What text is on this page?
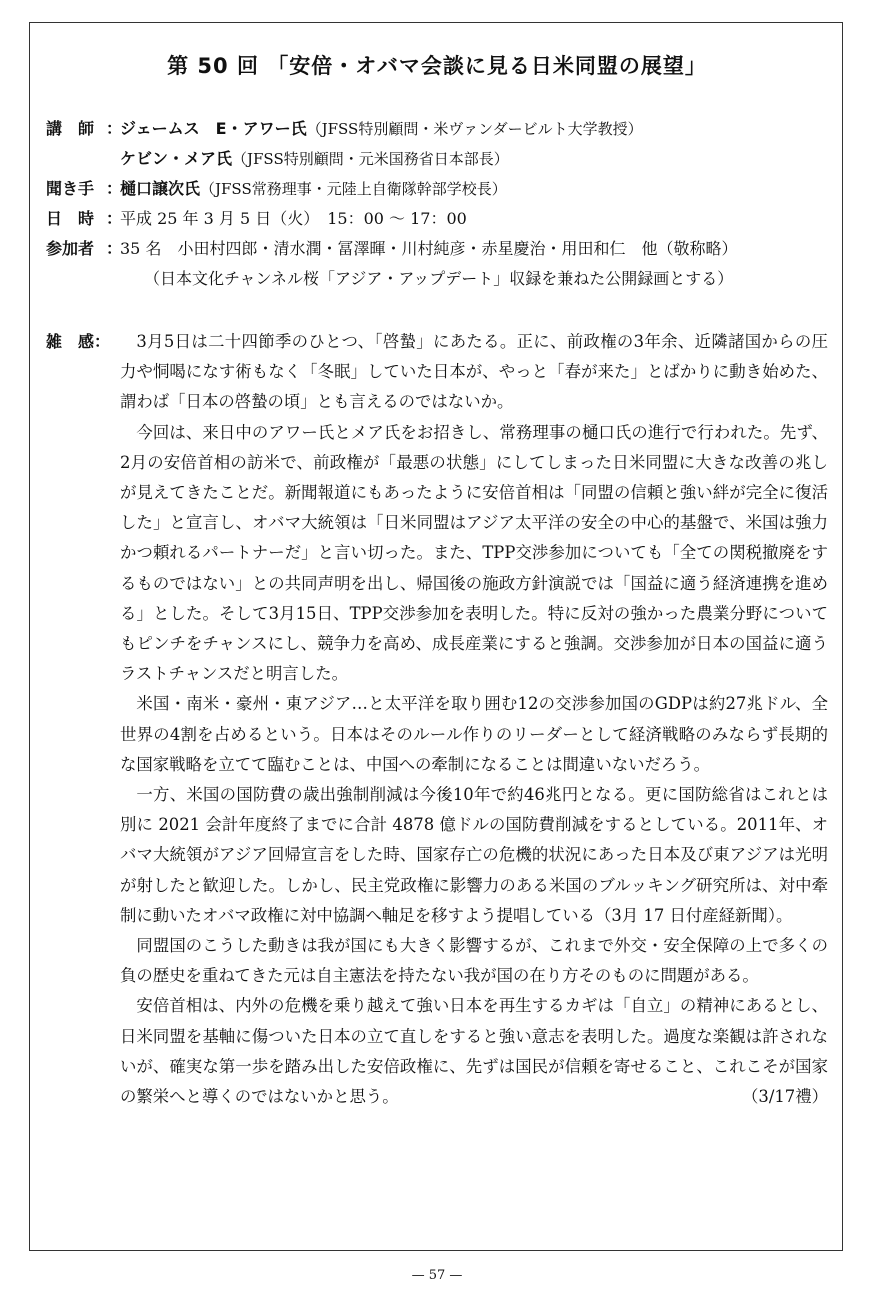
第 50 回 「安倍・オバマ会談に見る日米同盟の展望」
講　師 ：
ジェームス　E・アワー氏（JFSS特別顧問・米ヴァンダービルト大学教授）
ケビン・メア氏（JFSS特別顧問・元米国務省日本部長）
聞き手 ：
樋口譲次氏（JFSS常務理事・元陸上自衛隊幹部学校長）
日　時 ：
平成 25 年 3 月 5 日（火）　15：00 〜 17：00
参加者 ：
35 名　小田村四郎・清水潤・冨澤暉・川村純彦・赤星慶治・用田和仁　他（敬称略）
（日本文化チャンネル桜「アジア・アップデート」収録を兼ねた公開録画とする）
雑　感：	3月5日は二十四節季のひとつ、「啓蟄」にあたる。正に、前政権の3年余、近隣諸国からの圧力や恫喝になす術もなく「冬眠」していた日本が、やっと「春が来た」とばかりに動き始めた、謂わば「日本の啓蟄の頃」とも言えるのではないか。

今回は、来日中のアワー氏とメア氏をお招きし、常務理事の樋口氏の進行で行われた。先ず、2月の安倍首相の訪米で、前政権が「最悪の状態」にしてしまった日米同盟に大きな改善の兆しが見えてきたことだ。新聞報道にもあったように安倍首相は「同盟の信頼と強い絆が完全に復活した」と宣言し、オバマ大統領は「日米同盟はアジア太平洋の安全の中心的基盤で、米国は強力かつ頼れるパートナーだ」と言い切った。また、TPP交渉参加についても「全ての関税撤廃をするものではない」との共同声明を出し、帰国後の施政方針演説では「国益に適う経済連携を進める」とした。そして3月15日、TPP交渉参加を表明した。特に反対の強かった農業分野についてもピンチをチャンスにし、競争力を高め、成長産業にすると強調。交渉参加が日本の国益に適うラストチャンスだと明言した。

米国・南米・豪州・東アジア…と太平洋を取り囲む12の交渉参加国のGDPは約27兆ドル、全世界の4割を占めるという。日本はそのルール作りのリーダーとして経済戦略のみならず長期的な国家戦略を立てて臨むことは、中国への牽制になることは間違いないだろう。

一方、米国の国防費の歳出強制削減は今後10年で約46兆円となる。更に国防総省はこれとは別に 2021 会計年度終了までに合計 4878 億ドルの国防費削減をするとしている。2011年、オバマ大統領がアジア回帰宣言をした時、国家存亡の危機的状況にあった日本及び東アジアは光明が射したと歓迎した。しかし、民主党政権に影響力のある米国のブルッキング研究所は、対中牽制に動いたオバマ政権に対中協調へ軸足を移すよう提唱している（3月 17 日付産経新聞）。

同盟国のこうした動きは我が国にも大きく影響するが、これまで外交・安全保障の上で多くの負の歴史を重ねてきた元は自主憲法を持たない我が国の在り方そのものに問題がある。

安倍首相は、内外の危機を乗り越えて強い日本を再生するカギは「自立」の精神にあるとし、日米同盟を基軸に傷ついた日本の立て直しをすると強い意志を表明した。過度な楽観は許されないが、確実な第一歩を踏み出した安倍政権に、先ずは国民が信頼を寄せること、これこそが国家の繁栄へと導くのではないかと思う。	（3/17禮）

— 57 —
